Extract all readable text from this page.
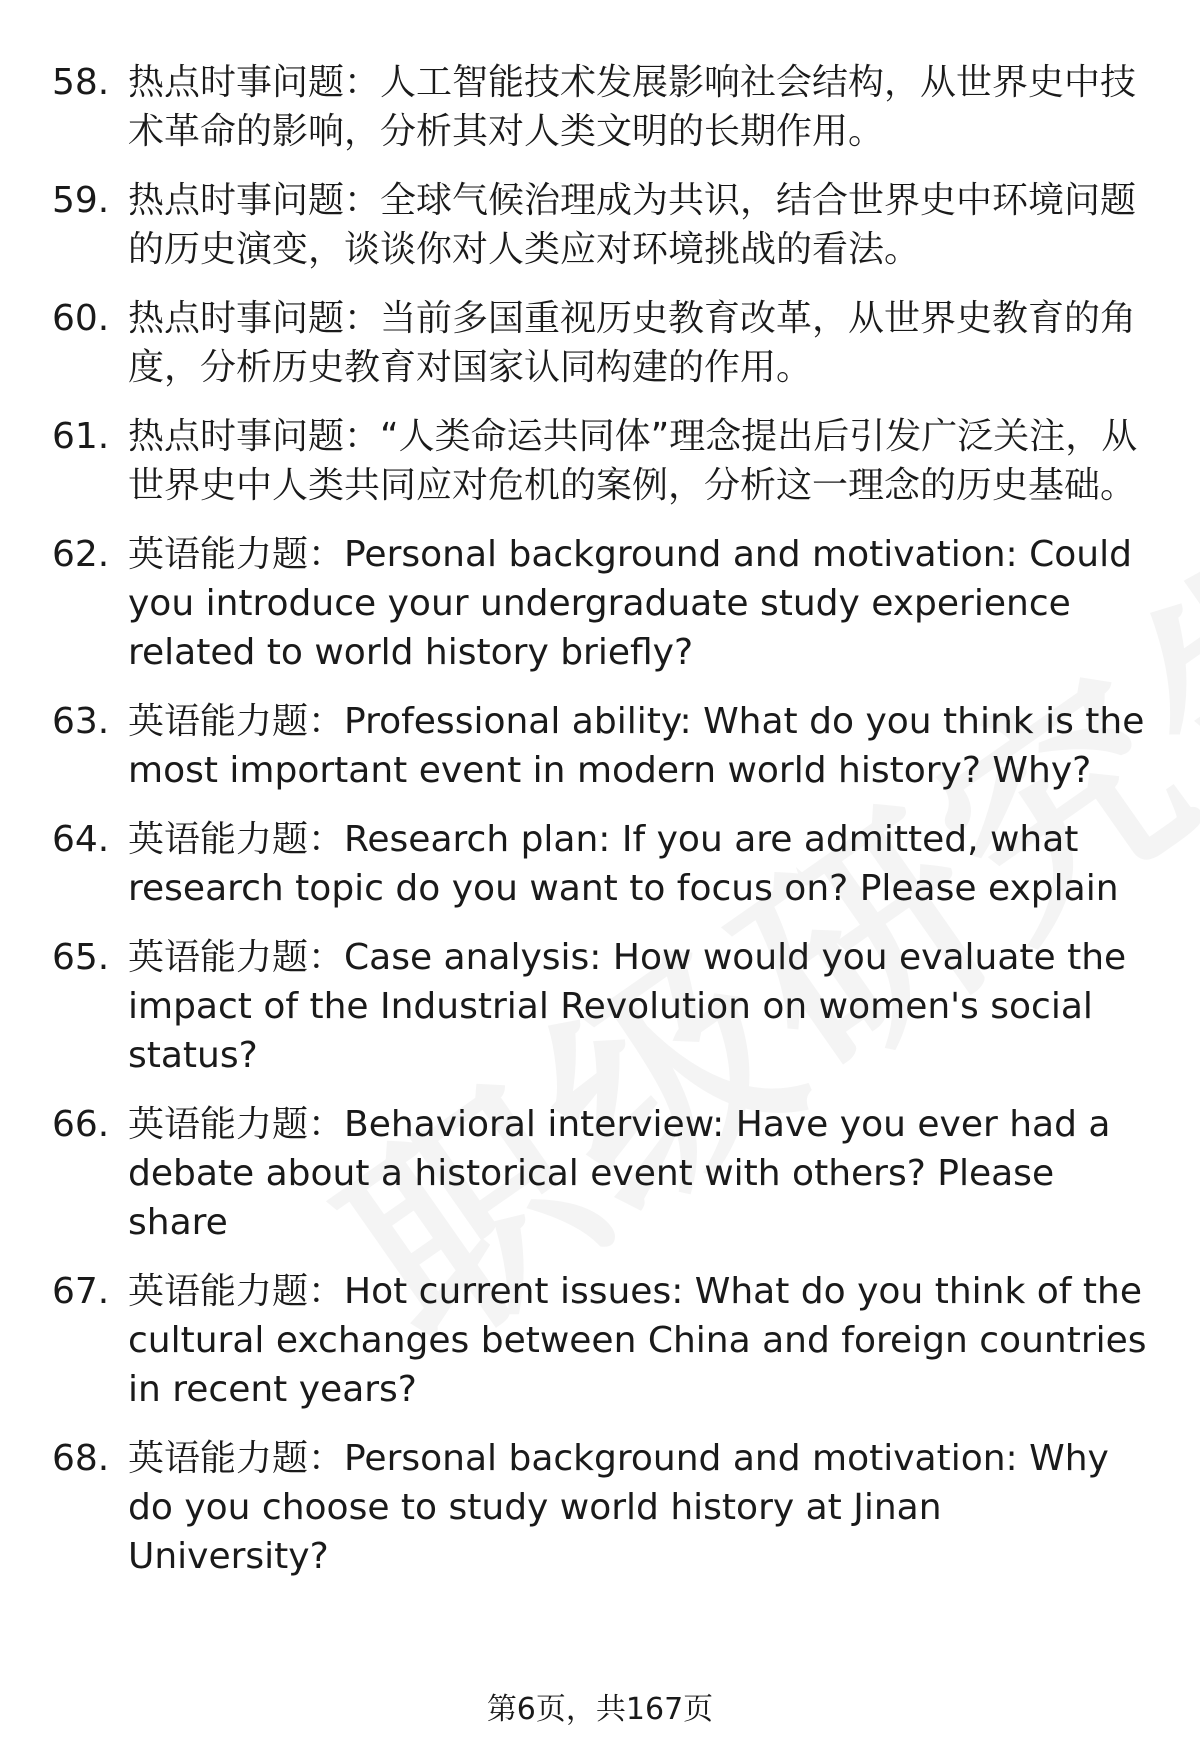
58. 热点时事问题：人工智能技术发展影响社会结构，从世界史中技术革命的影响，分析其对人类文明的长期作用。
59. 热点时事问题：全球气候治理成为共识，结合世界史中环境问题的历史演变，谈谈你对人类应对环境挑战的看法。
60. 热点时事问题：当前多国重视历史教育改革，从世界史教育的角度，分析历史教育对国家认同构建的作用。
61. 热点时事问题：“人类命运共同体”理念提出后引发广泛关注，从世界史中人类共同应对危机的案例，分析这一理念的历史基础。
62. 英语能力题：Personal background and motivation: Could you introduce your undergraduate study experience related to world history briefly?
63. 英语能力题：Professional ability: What do you think is the most important event in modern world history? Why?
64. 英语能力题：Research plan: If you are admitted, what research topic do you want to focus on? Please explain
65. 英语能力题：Case analysis: How would you evaluate the impact of the Industrial Revolution on women's social status?
66. 英语能力题：Behavioral interview: Have you ever had a debate about a historical event with others? Please share
67. 英语能力题：Hot current issues: What do you think of the cultural exchanges between China and foreign countries in recent years?
68. 英语能力题：Personal background and motivation: Why do you choose to study world history at Jinan University?
第6页，共167页
